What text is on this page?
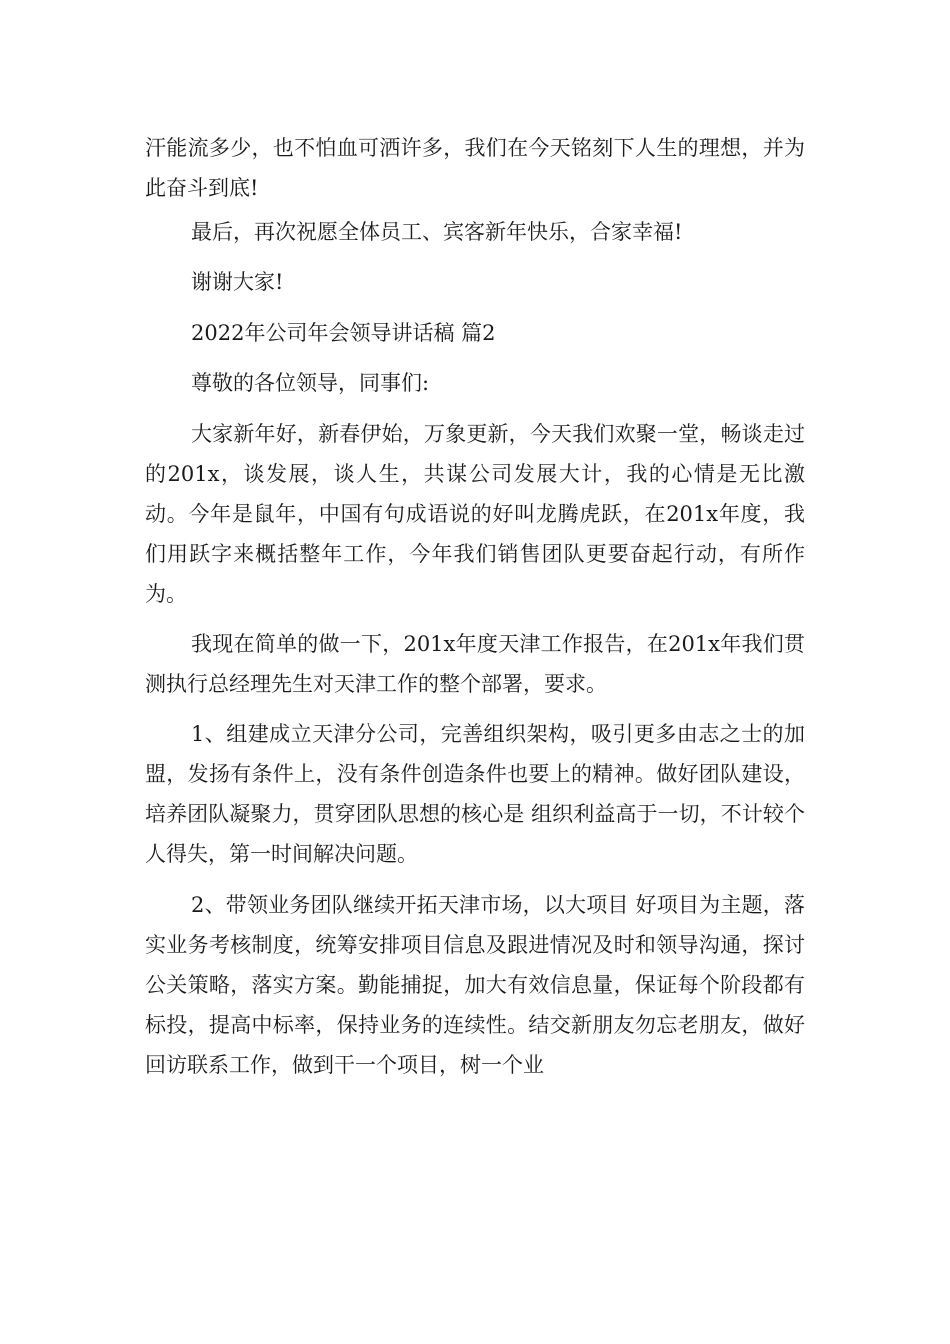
汗能流多少，也不怕血可洒许多，我们在今天铭刻下人生的理想，并为此奋斗到底!

最后，再次祝愿全体员工、宾客新年快乐，合家幸福!

谢谢大家!

2022年公司年会领导讲话稿 篇2

尊敬的各位领导，同事们:

大家新年好，新春伊始，万象更新，今天我们欢聚一堂，畅谈走过的201x，谈发展，谈人生，共谋公司发展大计，我的心情是无比激动。今年是鼠年，中国有句成语说的好叫龙腾虎跃，在201x年度，我们用跃字来概括整年工作，今年我们销售团队更要奋起行动，有所作为。

我现在简单的做一下，201x年度天津工作报告，在201x年我们贯测执行总经理先生对天津工作的整个部署，要求。

1、组建成立天津分公司，完善组织架构，吸引更多由志之士的加盟，发扬有条件上，没有条件创造条件也要上的精神。做好团队建设，培养团队凝聚力，贯穿团队思想的核心是 组织利益高于一切，不计较个人得失，第一时间解决问题。

2、带领业务团队继续开拓天津市场，以大项目 好项目为主题，落实业务考核制度，统筹安排项目信息及跟进情况及时和领导沟通，探讨公关策略，落实方案。勤能捕捉，加大有效信息量，保证每个阶段都有标投，提高中标率，保持业务的连续性。结交新朋友勿忘老朋友，做好回访联系工作，做到干一个项目，树一个业
